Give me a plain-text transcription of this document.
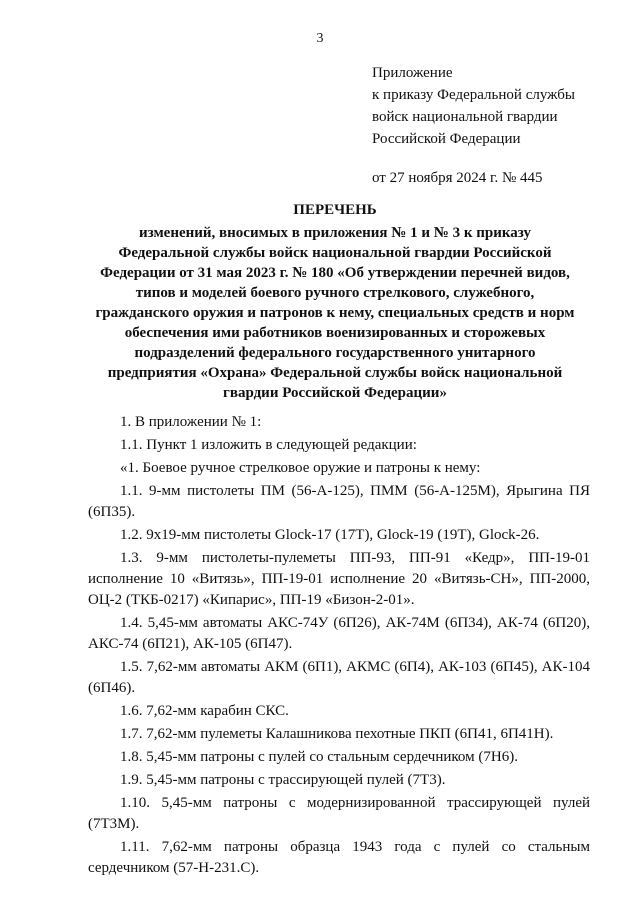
3
Приложение
к приказу Федеральной службы
войск национальной гвардии
Российской Федерации
от 27 ноября 2024 г. № 445
ПЕРЕЧЕНЬ
изменений, вносимых в приложения № 1 и № 3 к приказу
Федеральной службы войск национальной гвардии Российской
Федерации от 31 мая 2023 г. № 180 «Об утверждении перечней видов,
типов и моделей боевого ручного стрелкового, служебного,
гражданского оружия и патронов к нему, специальных средств и норм
обеспечения ими работников военизированных и сторожевых
подразделений федерального государственного унитарного
предприятия «Охрана» Федеральной службы войск национальной
гвардии Российской Федерации»

1. В приложении № 1:

1.1. Пункт 1 изложить в следующей редакции:

«1. Боевое ручное стрелковое оружие и патроны к нему:

1.1. 9-мм пистолеты ПМ (56-А-125), ПММ (56-А-125М), Ярыгина ПЯ (6П35).

1.2. 9х19-мм пистолеты Glock-17 (17T), Glock-19 (19T), Glock-26.

1.3. 9-мм пистолеты-пулеметы ПП-93, ПП-91 «Кедр», ПП-19-01 исполнение 10 «Витязь», ПП-19-01 исполнение 20 «Витязь-СН», ПП-2000, ОЦ-2 (ТКБ-0217) «Кипарис», ПП-19 «Бизон-2-01».

1.4. 5,45-мм автоматы АКС-74У (6П26), АК-74М (6П34), АК-74 (6П20), АКС-74 (6П21), АК-105 (6П47).

1.5. 7,62-мм автоматы АКМ (6П1), АКМС (6П4), АК-103 (6П45), АК-104 (6П46).

1.6. 7,62-мм карабин СКС.

1.7. 7,62-мм пулеметы Калашникова пехотные ПКП (6П41, 6П41Н).

1.8. 5,45-мм патроны с пулей со стальным сердечником (7Н6).

1.9. 5,45-мм патроны с трассирующей пулей (7Т3).

1.10. 5,45-мм патроны с модернизированной трассирующей пулей (7Т3М).

1.11. 7,62-мм патроны образца 1943 года с пулей со стальным сердечником (57-Н-231.С).
